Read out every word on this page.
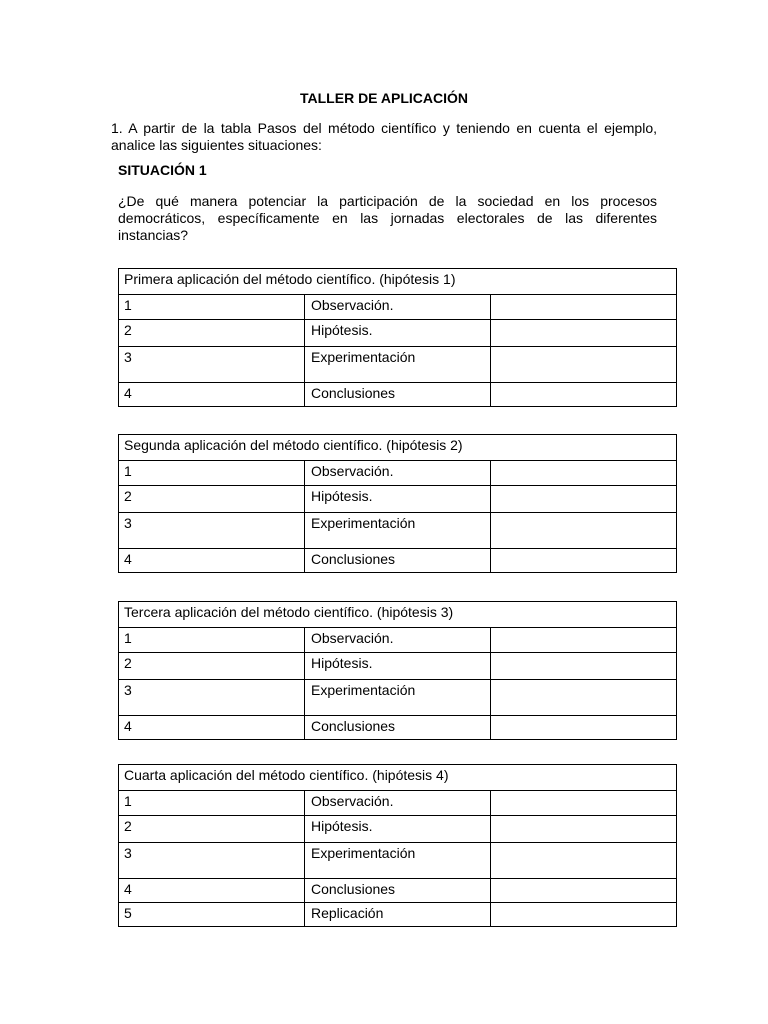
TALLER DE APLICACIÓN
1. A partir de la tabla Pasos del método científico y teniendo en cuenta el ejemplo, analice las siguientes situaciones:
SITUACIÓN 1
¿De qué manera potenciar la participación de la sociedad en los procesos democráticos, específicamente en las jornadas electorales de las diferentes instancias?
Primera aplicación del método científico. (hipótesis 1)		
1	Observación.	
2	Hipótesis.	
3	Experimentación	
4	Conclusiones	
Segunda aplicación del método científico. (hipótesis 2)		
1	Observación.	
2	Hipótesis.	
3	Experimentación	
4	Conclusiones	
Tercera aplicación del método científico. (hipótesis 3)		
1	Observación.	
2	Hipótesis.	
3	Experimentación	
4	Conclusiones	
Cuarta aplicación del método científico. (hipótesis 4)		
1	Observación.	
2	Hipótesis.	
3	Experimentación	
4	Conclusiones	
5	Replicación	
